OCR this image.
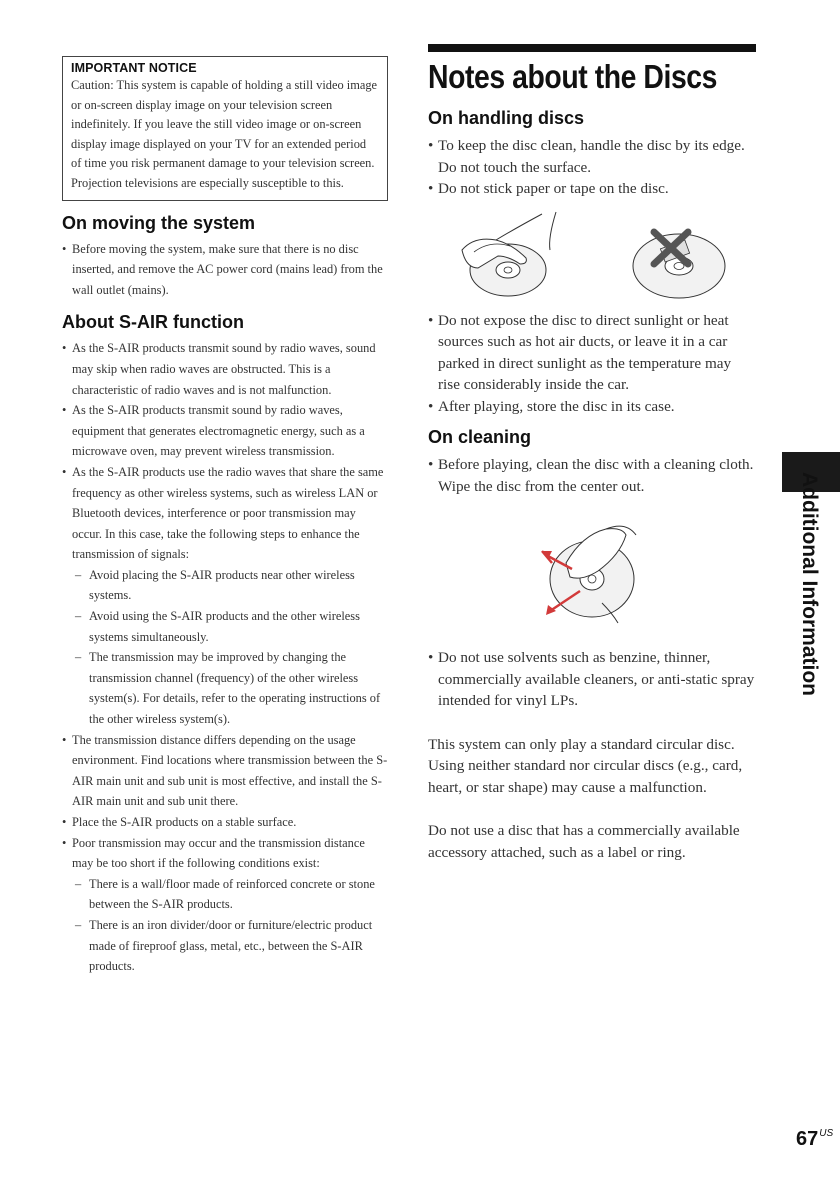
IMPORTANT NOTICE

Caution: This system is capable of holding a still video image or on-screen display image on your television screen indefinitely. If you leave the still video image or on-screen display image displayed on your TV for an extended period of time you risk permanent damage to your television screen. Projection televisions are especially susceptible to this.

On moving the system
• Before moving the system, make sure that there is no disc inserted, and remove the AC power cord (mains lead) from the wall outlet (mains).
About S-AIR function
• As the S-AIR products transmit sound by radio waves, sound may skip when radio waves are obstructed. This is a characteristic of radio waves and is not malfunction.
• As the S-AIR products transmit sound by radio waves, equipment that generates electromagnetic energy, such as a microwave oven, may prevent wireless transmission.
• As the S-AIR products use the radio waves that share the same frequency as other wireless systems, such as wireless LAN or Bluetooth devices, interference or poor transmission may occur. In this case, take the following steps to enhance the transmission of signals:
– Avoid placing the S-AIR products near other wireless systems.
– Avoid using the S-AIR products and the other wireless systems simultaneously.
– The transmission may be improved by changing the transmission channel (frequency) of the other wireless system(s). For details, refer to the operating instructions of the other wireless system(s).
• The transmission distance differs depending on the usage environment. Find locations where transmission between the S-AIR main unit and sub unit is most effective, and install the S-AIR main unit and sub unit there.
• Place the S-AIR products on a stable surface.
• Poor transmission may occur and the transmission distance may be too short if the following conditions exist:
– There is a wall/floor made of reinforced concrete or stone between the S-AIR products.
– There is an iron divider/door or furniture/electric product made of fireproof glass, metal, etc., between the S-AIR products.
Notes about the Discs
On handling discs
• To keep the disc clean, handle the disc by its edge. Do not touch the surface.
• Do not stick paper or tape on the disc.
• Do not expose the disc to direct sunlight or heat sources such as hot air ducts, or leave it in a car parked in direct sunlight as the temperature may rise considerably inside the car.
• After playing, store the disc in its case.
On cleaning
• Before playing, clean the disc with a cleaning cloth.
Wipe the disc from the center out.
• Do not use solvents such as benzine, thinner, commercially available cleaners, or anti-static spray intended for vinyl LPs.

This system can only play a standard circular disc. Using neither standard nor circular discs (e.g., card, heart, or star shape) may cause a malfunction.

Do not use a disc that has a commercially available accessory attached, such as a label or ring.

Additional Information
$67^{US}$
